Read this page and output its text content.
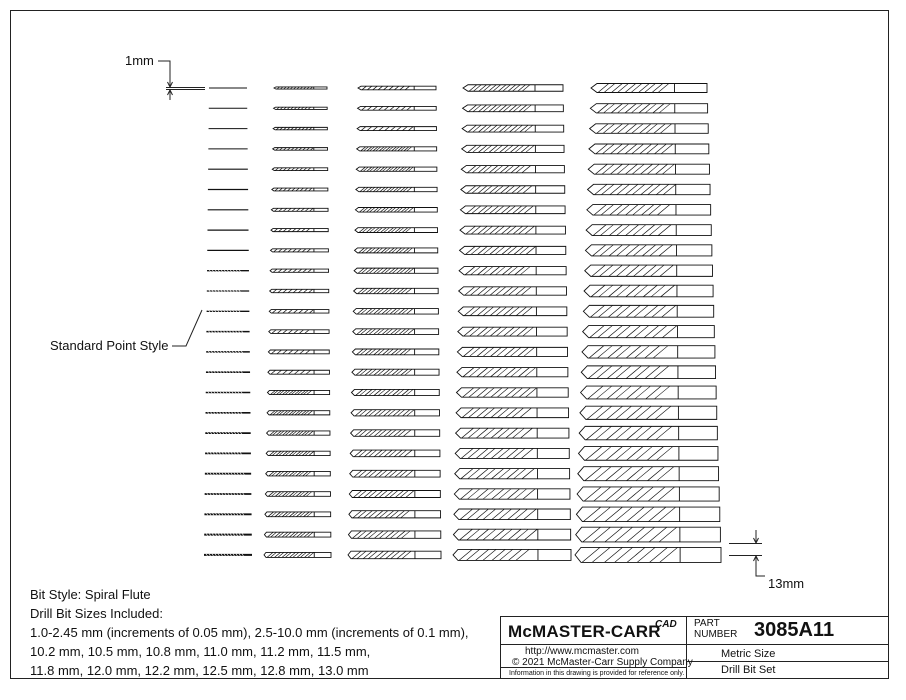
1mm
13mm
Standard Point Style
Bit Style: Spiral Flute
Drill Bit Sizes Included:
1.0-2.45 mm (increments of 0.05 mm), 2.5-10.0 mm (increments of 0.1 mm),
10.2 mm, 10.5 mm, 10.8 mm, 11.0 mm, 11.2 mm, 11.5 mm,
11.8 mm, 12.0 mm, 12.2 mm, 12.5 mm, 12.8 mm, 13.0 mm
McMASTER-CARR
CAD PART
NUMBER 3085A11
http://www.mcmaster.com
© 2021 McMaster-Carr Supply Company
Information in this drawing is provided for reference only.
Metric Size
Drill Bit Set
